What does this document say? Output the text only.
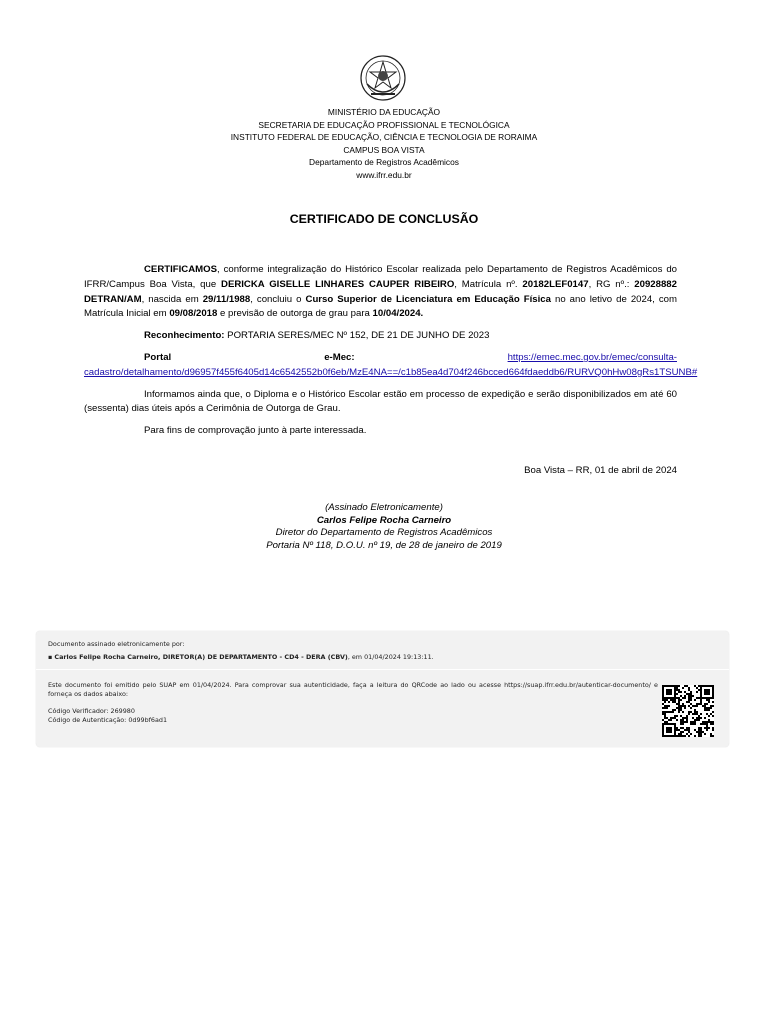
MINISTÉRIO DA EDUCAÇÃO
SECRETARIA DE EDUCAÇÃO PROFISSIONAL E TECNOLÓGICA
INSTITUTO FEDERAL DE EDUCAÇÃO, CIÊNCIA E TECNOLOGIA DE RORAIMA
CAMPUS BOA VISTA
Departamento de Registros Acadêmicos
www.ifrr.edu.br
CERTIFICADO DE CONCLUSÃO

CERTIFICAMOS, conforme integralização do Histórico Escolar realizada pelo Departamento de Registros Acadêmicos do IFRR/Campus Boa Vista, que DERICKA GISELLE LINHARES CAUPER RIBEIRO, Matrícula nº. 20182LEF0147, RG nº.: 20928882 DETRAN/AM, nascida em 29/11/1988, concluiu o Curso Superior de Licenciatura em Educação Física no ano letivo de 2024, com Matrícula Inicial em 09/08/2018 e previsão de outorga de grau para 10/04/2024.

Reconhecimento: PORTARIA SERES/MEC Nº 152, DE 21 DE JUNHO DE 2023

Portal	e-Mec:	https://emec.mec.gov.br/emec/consulta-
cadastro/detalhamento/d96957f455f6405d14c6542552b0f6eb/MzE4NA==/c1b85ea4d704f246bcced664fdaeddb6/RURVQ0hHw08gRs1TSUNB#

Informamos ainda que, o Diploma e o Histórico Escolar estão em processo de expedição e serão disponibilizados em até 60 (sessenta) dias úteis após a Cerimônia de Outorga de Grau.

Para fins de comprovação junto à parte interessada.

Boa Vista – RR, 01 de abril de 2024
(Assinado Eletronicamente)
Carlos Felipe Rocha Carneiro
Diretor do Departamento de Registros Acadêmicos
Portaria Nº 118, D.O.U. nº 19, de 28 de janeiro de 2019
Documento assinado eletronicamente por:
▪ Carlos Felipe Rocha Carneiro, DIRETOR(A) DE DEPARTAMENTO - CD4 - DERA (CBV), em 01/04/2024 19:13:11.
Este documento foi emitido pelo SUAP em 01/04/2024. Para comprovar sua autenticidade, faça a leitura do QRCode ao lado ou acesse https://suap.ifrr.edu.br/autenticar-documento/ e forneça os dados abaixo:
Código Verificador: 269980
Código de Autenticação: 0d99bf6ad1
